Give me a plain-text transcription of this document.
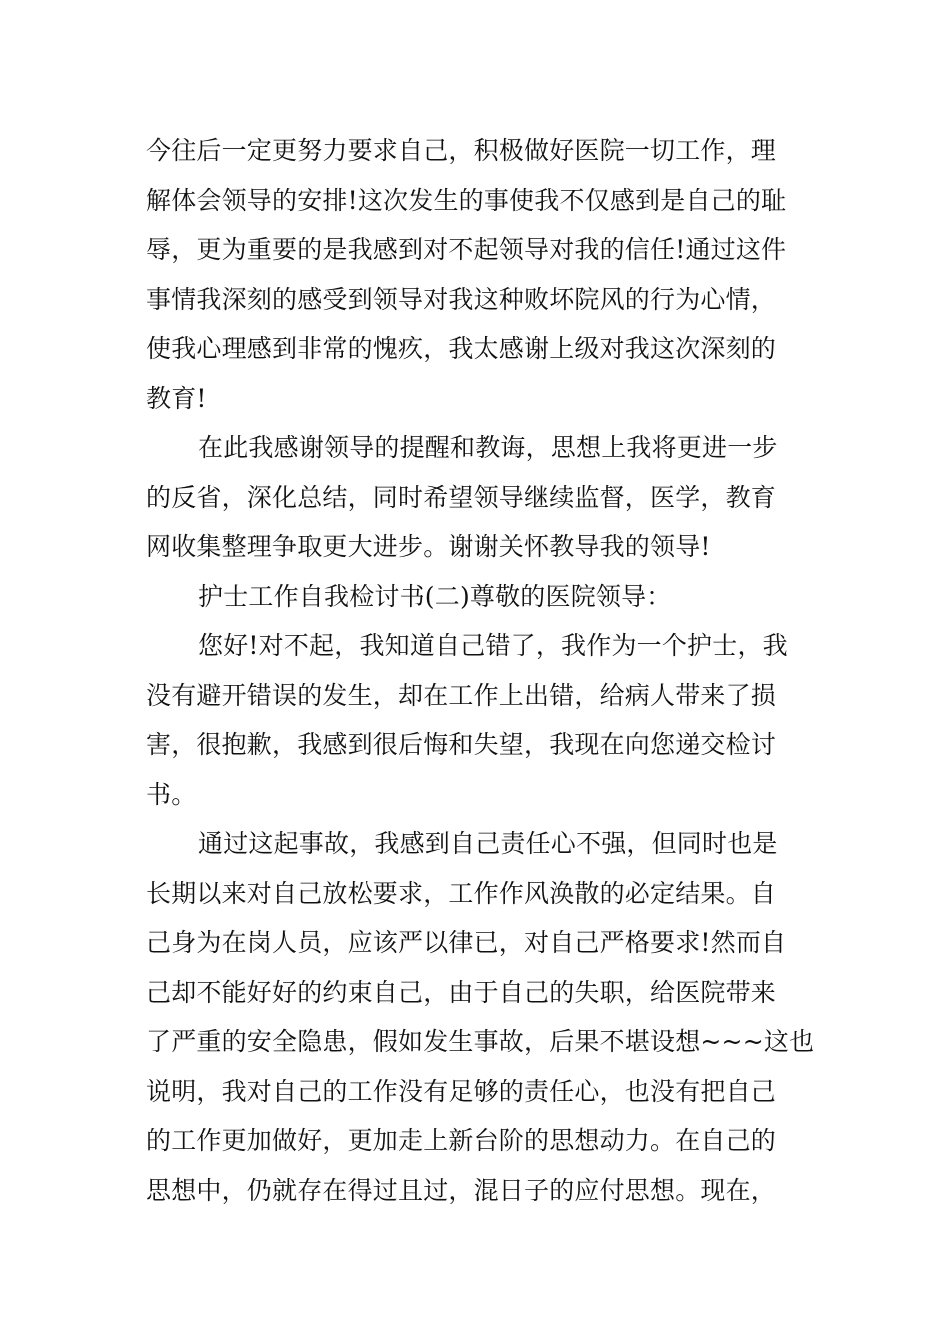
今往后一定更努力要求自己，积极做好医院一切工作，理
解体会领导的安排!这次发生的事使我不仅感到是自己的耻
辱，更为重要的是我感到对不起领导对我的信任!通过这件
事情我深刻的感受到领导对我这种败坏院风的行为心情，
使我心理感到非常的愧疚，我太感谢上级对我这次深刻的
教育!
在此我感谢领导的提醒和教诲，思想上我将更进一步
的反省，深化总结，同时希望领导继续监督，医学，教育
网收集整理争取更大进步。谢谢关怀教导我的领导!
护士工作自我检讨书(二)尊敬的医院领导：
您好!对不起，我知道自己错了，我作为一个护士，我
没有避开错误的发生，却在工作上出错，给病人带来了损
害，很抱歉，我感到很后悔和失望，我现在向您递交检讨
书。
通过这起事故，我感到自己责任心不强，但同时也是
长期以来对自己放松要求，工作作风涣散的必定结果。自
己身为在岗人员，应该严以律已，对自己严格要求!然而自
己却不能好好的约束自己，由于自己的失职，给医院带来
了严重的安全隐患，假如发生事故，后果不堪设想~~~这也
说明，我对自己的工作没有足够的责任心，也没有把自己
的工作更加做好，更加走上新台阶的思想动力。在自己的
思想中，仍就存在得过且过，混日子的应付思想。现在，
